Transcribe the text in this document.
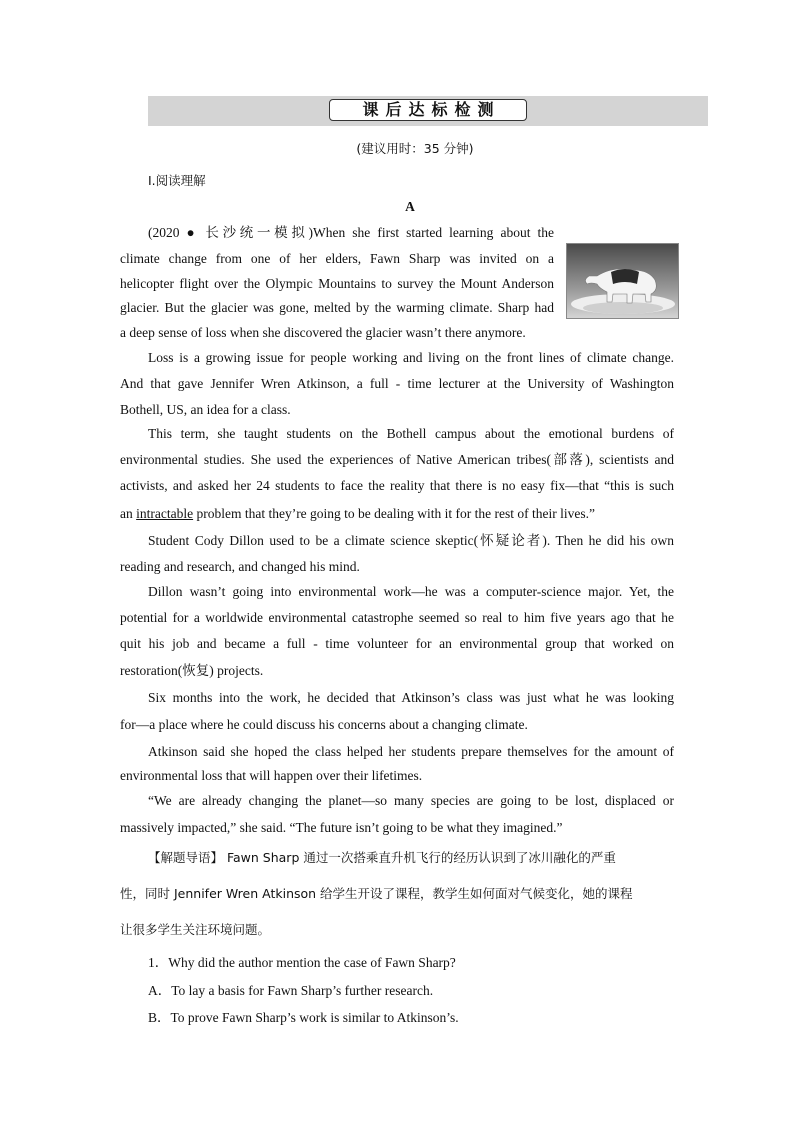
课后达标检测
(建议用时：35 分钟)
Ⅰ.阅读理解
A
(2020 ● 长沙统一模拟)When she first started learning about the
climate change from one of her elders, Fawn Sharp was invited on a
helicopter flight over the Olympic Mountains to survey the Mount Anderson
glacier. But the glacier was gone, melted by the warming climate. Sharp had
a deep sense of loss when she discovered the glacier wasn’t there anymore.
Loss is a growing issue for people working and living on the front lines of climate change.
And that gave Jennifer Wren Atkinson, a full - time lecturer at the University of Washington
Bothell, US, an idea for a class.
This term, she taught students on the Bothell campus about the emotional burdens of
environmental studies. She used the experiences of Native American tribes(部落), scientists and
activists, and asked her 24 students to face the reality that there is no easy fix—that “this is such
an intractable problem that they’re going to be dealing with it for the rest of their lives.”
Student Cody Dillon used to be a climate science skeptic(怀疑论者). Then he did his own
reading and research, and changed his mind.
Dillon wasn’t going into environmental work—he was a computer-science major. Yet, the
potential for a worldwide environmental catastrophe seemed so real to him five years ago that he
quit his job and became a full - time volunteer for an environmental group that worked on
restoration(恢复) projects.
Six months into the work, he decided that Atkinson’s class was just what he was looking
for—a place where he could discuss his concerns about a changing climate.
Atkinson said she hoped the class helped her students prepare themselves for the amount of
environmental loss that will happen over their lifetimes.
“We are already changing the planet—so many species are going to be lost, displaced or
massively impacted,” she said. “The future isn’t going to be what they imagined.”
【解题导语】 Fawn Sharp 通过一次搭乘直升机飞行的经历认识到了冰川融化的严重
性，同时 Jennifer Wren Atkinson 给学生开设了课程，教学生如何面对气候变化，她的课程
让很多学生关注环境问题。
1．Why did the author mention the case of Fawn Sharp?
A．To lay a basis for Fawn Sharp’s further research.
B．To prove Fawn Sharp’s work is similar to Atkinson’s.
